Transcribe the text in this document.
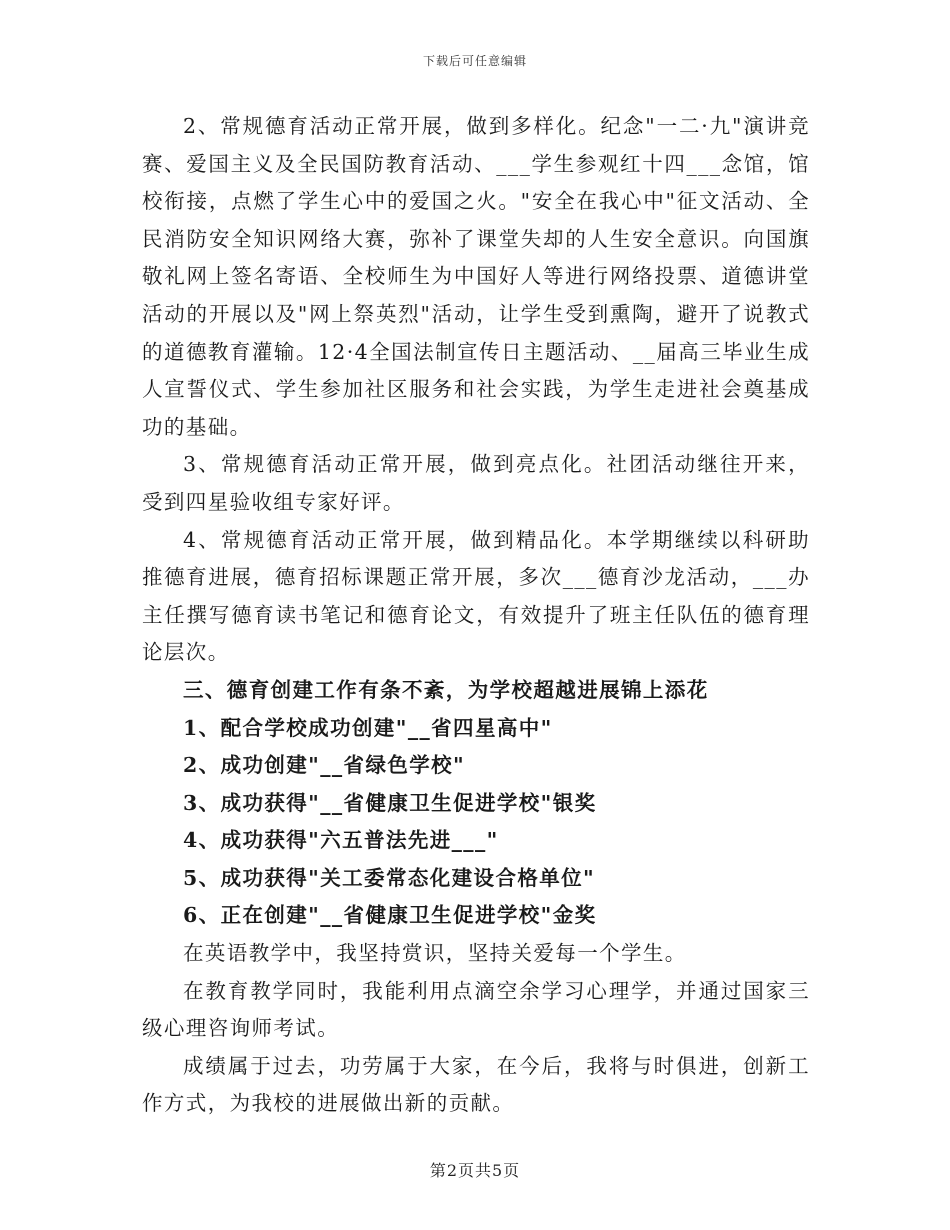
下载后可任意编辑

2、常规德育活动正常开展，做到多样化。纪念"一二·九"演讲竞赛、爱国主义及全民国防教育活动、___学生参观红十四___念馆，馆校衔接，点燃了学生心中的爱国之火。"安全在我心中"征文活动、全民消防安全知识网络大赛，弥补了课堂失却的人生安全意识。向国旗敬礼网上签名寄语、全校师生为中国好人等进行网络投票、道德讲堂活动的开展以及"网上祭英烈"活动，让学生受到熏陶，避开了说教式的道德教育灌输。12·4全国法制宣传日主题活动、__届高三毕业生成人宣誓仪式、学生参加社区服务和社会实践，为学生走进社会奠基成功的基础。

3、常规德育活动正常开展，做到亮点化。社团活动继往开来，受到四星验收组专家好评。

4、常规德育活动正常开展，做到精品化。本学期继续以科研助推德育进展，德育招标课题正常开展，多次___德育沙龙活动，___办主任撰写德育读书笔记和德育论文，有效提升了班主任队伍的德育理论层次。

三、德育创建工作有条不紊，为学校超越进展锦上添花

1、配合学校成功创建"__省四星高中"

2、成功创建"__省绿色学校"

3、成功获得"__省健康卫生促进学校"银奖

4、成功获得"六五普法先进___"

5、成功获得"关工委常态化建设合格单位"

6、正在创建"__省健康卫生促进学校"金奖

在英语教学中，我坚持赏识，坚持关爱每一个学生。

在教育教学同时，我能利用点滴空余学习心理学，并通过国家三级心理咨询师考试。

成绩属于过去，功劳属于大家，在今后，我将与时俱进，创新工作方式，为我校的进展做出新的贡献。

第2页共5页
